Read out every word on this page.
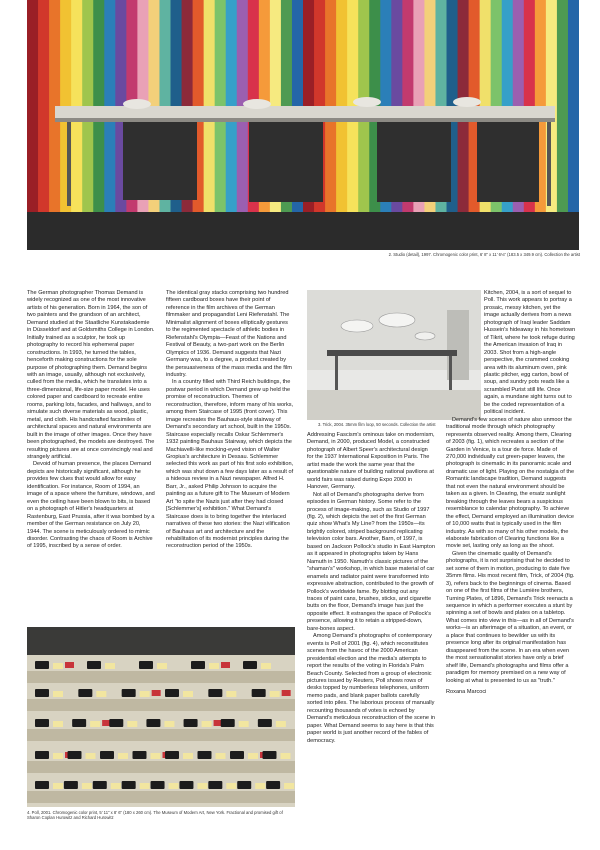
2. Studio (detail), 1997. Chromogenic color print, 6' 8" x 11' 6⅛" (183.5 x 349.9 cm). Collection the artist
3. Trick, 2004. 35mm film loop, 50 seconds. Collection the artist
4. Poll, 2001. Chromogenic color print, 5' 11" x 8' 6" (180 x 260 cm). The Museum of Modern Art, New York. Fractional and promised gift of Sharon Coplan Hurowitz and Richard Hurowitz

The German photographer Thomas Demand is widely recognized as one of the most innovative artists of his generation. Born in 1964, the son of two painters and the grandson of an architect, Demand studied at the Staatliche Kunstakademie in Düsseldorf and at Goldsmiths College in London. Initially trained as a sculptor, he took up photography to record his ephemeral paper constructions. In 1993, he turned the tables, henceforth making constructions for the sole purpose of photographing them. Demand begins with an image, usually, although not exclusively, culled from the media, which he translates into a three-dimensional, life-size paper model. He uses colored paper and cardboard to recreate entire rooms, parking lots, facades, and hallways, and to simulate such diverse materials as wood, plastic, metal, and cloth. His handcrafted facsimiles of architectural spaces and natural environments are built in the image of other images. Once they have been photographed, the models are destroyed. The resulting pictures are at once convincingly real and strangely artificial.

Devoid of human presence, the places Demand depicts are historically significant, although he provides few clues that would allow for easy identification. For instance, Room of 1994, an image of a space where the furniture, windows, and even the ceiling have been blown to bits, is based on a photograph of Hitler's headquarters at Rastenburg, East Prussia, after it was bombed by a member of the German resistance on July 20, 1944. The scene is meticulously ordered to mimic disorder. Contrasting the chaos of Room is Archive of 1995, inscribed by a sense of order.

The identical gray stacks comprising two hundred fifteen cardboard boxes have their point of reference in the film archives of the German filmmaker and propagandist Leni Riefenstahl. The Minimalist alignment of boxes elliptically gestures to the regimented spectacle of athletic bodies in Riefenstahl's Olympia—Feast of the Nations and Festival of Beauty, a two-part work on the Berlin Olympics of 1936. Demand suggests that Nazi Germany was, to a degree, a product created by the persuasiveness of the mass media and the film industry.

In a country filled with Third Reich buildings, the postwar period in which Demand grew up held the promise of reconstruction. Themes of reconstruction, therefore, inform many of his works, among them Staircase of 1995 (front cover). This image recreates the Bauhaus-style stairway of Demand's secondary art school, built in the 1950s. Staircase especially recalls Oskar Schlemmer's 1932 painting Bauhaus Stairway, which depicts the Machiavelli-like mocking-eyed vision of Walter Gropius's architecture in Dessau. Schlemmer selected this work as part of his first solo exhibition, which was shut down a few days later as a result of a hideous review in a Nazi newspaper. Alfred H. Barr, Jr., asked Philip Johnson to acquire the painting as a future gift to The Museum of Modern Art "to spite the Nazis just after they had closed [Schlemmer's] exhibition." What Demand's Staircase does is to bring together the interlaced narratives of these two stories: the Nazi vilification of Bauhaus art and architecture and the rehabilitation of its modernist principles during the reconstruction period of the 1950s.

Addressing Fascism's ominous take on modernism, Demand, in 2000, produced Model, a constructed photograph of Albert Speer's architectural design for the 1937 International Exposition in Paris. The artist made the work the same year that the questionable nature of building national pavilions at world fairs was raised during Expo 2000 in Hanover, Germany.

Not all of Demand's photographs derive from episodes in German history. Some refer to the process of image-making, such as Studio of 1997 (fig. 2), which depicts the set of the first German quiz show What's My Line? from the 1950s—its brightly colored, striped background replicating television color bars. Another, Barn, of 1997, is based on Jackson Pollock's studio in East Hampton as it appeared in photographs taken by Hans Namuth in 1950. Namuth's classic pictures of the "shaman's" workshop, in which base material of car enamels and radiator paint were transformed into expressive abstraction, contributed to the growth of Pollock's worldwide fame. By blotting out any traces of paint cans, brushes, sticks, and cigarette butts on the floor, Demand's image has just the opposite effect. It estranges the space of Pollock's presence, allowing it to retain a stripped-down, bare-bones aspect.

Among Demand's photographs of contemporary events is Poll of 2001 (fig. 4), which reconstitutes scenes from the havoc of the 2000 American presidential election and the media's attempts to report the results of the voting in Florida's Palm Beach County. Selected from a group of electronic pictures issued by Reuters, Poll shows rows of desks topped by numberless telephones, uniform memo pads, and blank paper ballots carefully sorted into piles. The laborious process of manually recounting thousands of votes is echoed by Demand's meticulous reconstruction of the scene in paper. What Demand seems to say here is that this paper world is just another record of the fables of democracy.

Kitchen, 2004, is a sort of sequel to Poll. This work appears to portray a prosaic, messy kitchen, yet the image actually derives from a news photograph of Iraqi leader Saddam Hussein's hideaway in his hometown of Tikrit, where he took refuge during the American invasion of Iraq in 2003. Shot from a high-angle perspective, the crammed cooking area with its aluminum oven, pink plastic pitcher, egg carton, bowl of soup, and sundry pots reads like a scrambled Purist still life. Once again, a mundane sight turns out to be the coded representation of a political incident.

Demand's few scenes of nature also unmoor the traditional mode through which photography represents observed reality. Among them, Clearing of 2003 (fig. 1), which recreates a section of the Garden in Venice, is a tour de force. Made of 270,000 individually cut green-paper leaves, the photograph is cinematic in its panoramic scale and dramatic use of light. Playing on the nostalgia of the Romantic landscape tradition, Demand suggests that not even the natural environment should be taken as a given. In Clearing, the ersatz sunlight breaking through the leaves bears a suspicious resemblance to calendar photography. To achieve the effect, Demand employed an illumination device of 10,000 watts that is typically used in the film industry. As with so many of his other models, the elaborate fabrication of Clearing functions like a movie set, lasting only as long as the shoot.

Given the cinematic quality of Demand's photographs, it is not surprising that he decided to set some of them in motion, producing to date five 35mm films. His most recent film, Trick, of 2004 (fig. 3), refers back to the beginnings of cinema. Based on one of the first films of the Lumière brothers, Turning Plates, of 1896, Demand's Trick reenacts a sequence in which a performer executes a stunt by spinning a set of bowls and plates on a tabletop. What comes into view in this—as in all of Demand's works—is an afterimage of a situation, an event, or a place that continues to bewilder us with its presence long after its original manifestation has disappeared from the scene. In an era when even the most sensationalist stories have only a brief shelf life, Demand's photographs and films offer a paradigm for memory premised on a new way of looking at what is presented to us as "truth."

Roxana Marcoci
